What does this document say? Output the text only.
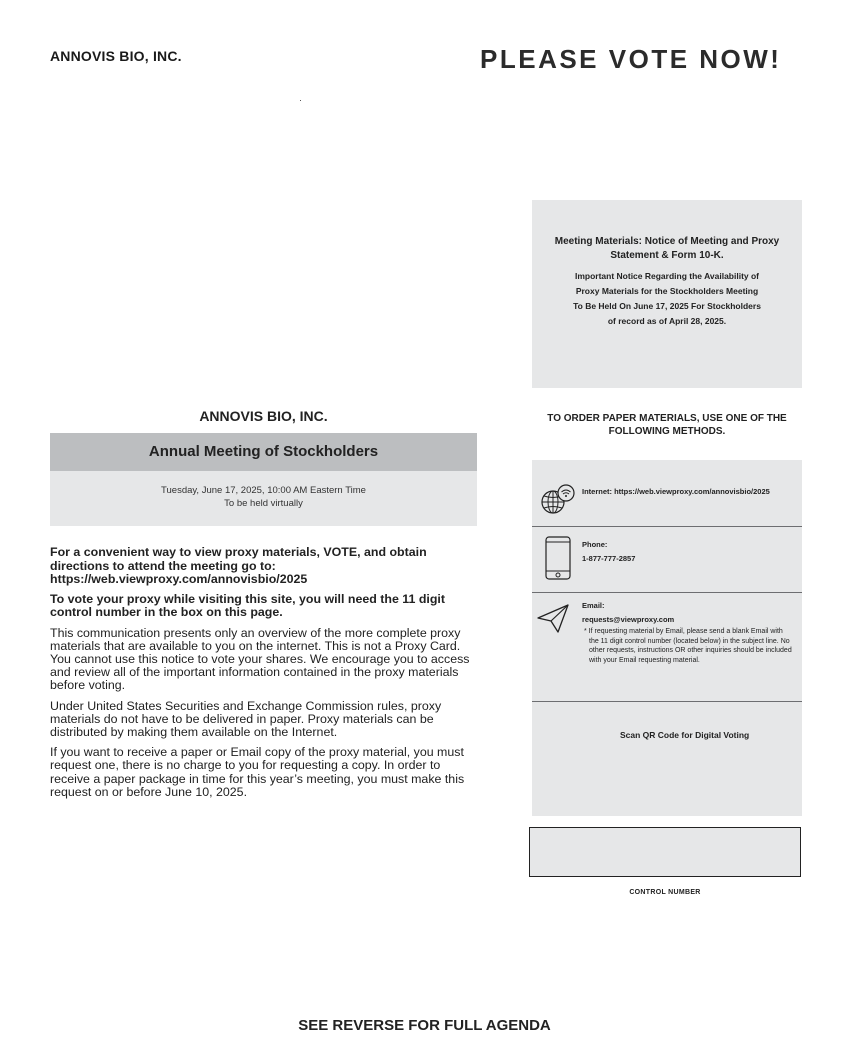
ANNOVIS BIO, INC.	PLEASE VOTE NOW!
Meeting Materials: Notice of Meeting and Proxy Statement & Form 10-K.
Important Notice Regarding the Availability of Proxy Materials for the Stockholders Meeting To Be Held On June 17, 2025 For Stockholders of record as of April 28, 2025.
TO ORDER PAPER MATERIALS, USE ONE OF THE FOLLOWING METHODS.
Internet: https://web.viewproxy.com/annovisbio/2025
Phone:
1-877-777-2857
Email:
requests@viewproxy.com
* If requesting material by Email, please send a blank Email with the 11 digit control number (located below) in the subject line. No other requests, instructions OR other inquiries should be included with your Email requesting material.
Scan QR Code for Digital Voting
CONTROL NUMBER
ANNOVIS BIO, INC.
Annual Meeting of Stockholders
Tuesday, June 17, 2025, 10:00 AM Eastern Time
To be held virtually
For a convenient way to view proxy materials, VOTE, and obtain directions to attend the meeting go to: https://web.viewproxy.com/annovisbio/2025
To vote your proxy while visiting this site, you will need the 11 digit control number in the box on this page.
This communication presents only an overview of the more complete proxy materials that are available to you on the internet. This is not a Proxy Card. You cannot use this notice to vote your shares. We encourage you to access and review all of the important information contained in the proxy materials before voting.
Under United States Securities and Exchange Commission rules, proxy materials do not have to be delivered in paper. Proxy materials can be distributed by making them available on the Internet.
If you want to receive a paper or Email copy of the proxy material, you must request one, there is no charge to you for requesting a copy. In order to receive a paper package in time for this year’s meeting, you must make this request on or before June 10, 2025.
SEE REVERSE FOR FULL AGENDA
